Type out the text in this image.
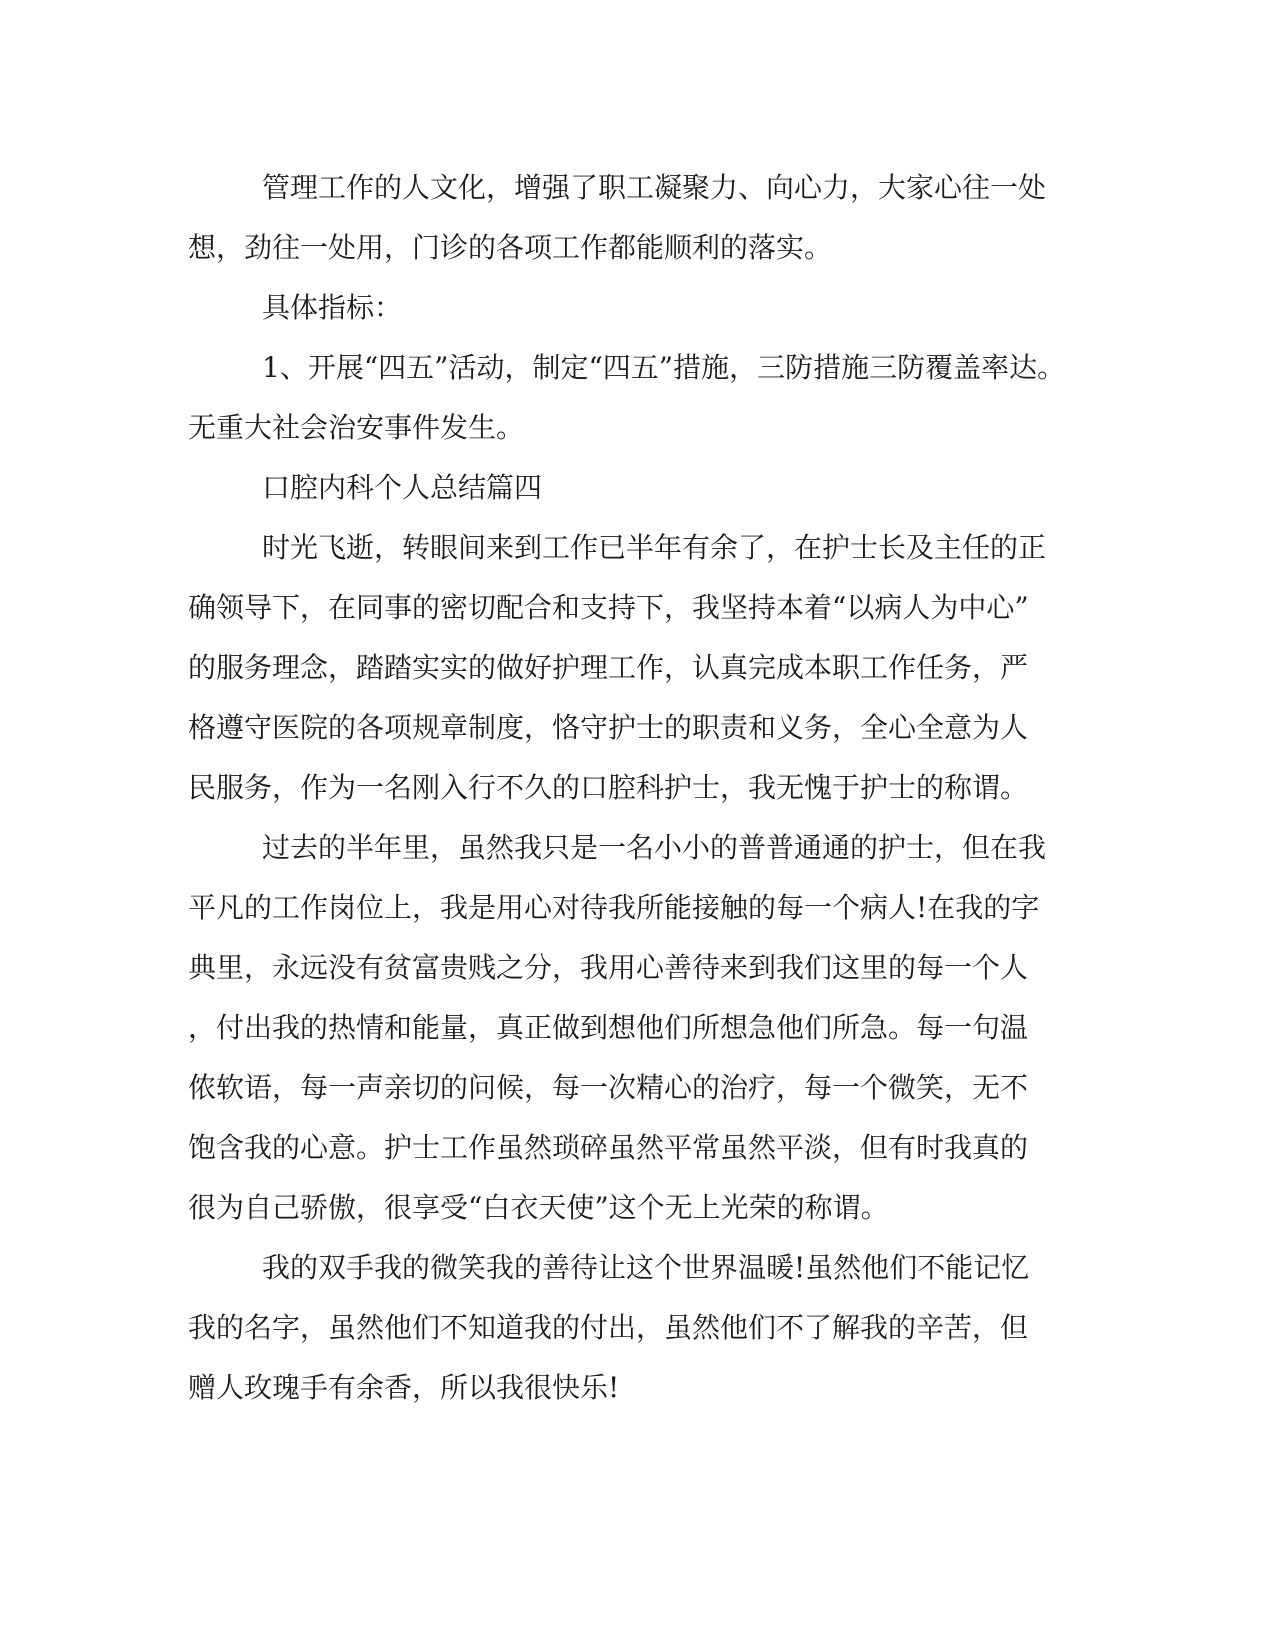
管理工作的人文化，增强了职工凝聚力、向心力，大家心往一处
想，劲往一处用，门诊的各项工作都能顺利的落实。
具体指标：
1、开展“四五”活动，制定“四五”措施，三防措施三防覆盖率达。
无重大社会治安事件发生。
口腔内科个人总结篇四
时光飞逝，转眼间来到工作已半年有余了，在护士长及主任的正
确领导下，在同事的密切配合和支持下，我坚持本着“以病人为中心”
的服务理念，踏踏实实的做好护理工作，认真完成本职工作任务，严
格遵守医院的各项规章制度，恪守护士的职责和义务，全心全意为人
民服务，作为一名刚入行不久的口腔科护士，我无愧于护士的称谓。
过去的半年里，虽然我只是一名小小的普普通通的护士，但在我
平凡的工作岗位上，我是用心对待我所能接触的每一个病人!在我的字
典里，永远没有贫富贵贱之分，我用心善待来到我们这里的每一个人
，付出我的热情和能量，真正做到想他们所想急他们所急。每一句温
侬软语，每一声亲切的问候，每一次精心的治疗，每一个微笑，无不
饱含我的心意。护士工作虽然琐碎虽然平常虽然平淡，但有时我真的
很为自己骄傲，很享受“白衣天使”这个无上光荣的称谓。
我的双手我的微笑我的善待让这个世界温暖!虽然他们不能记忆
我的名字，虽然他们不知道我的付出，虽然他们不了解我的辛苦，但
赠人玫瑰手有余香，所以我很快乐!
